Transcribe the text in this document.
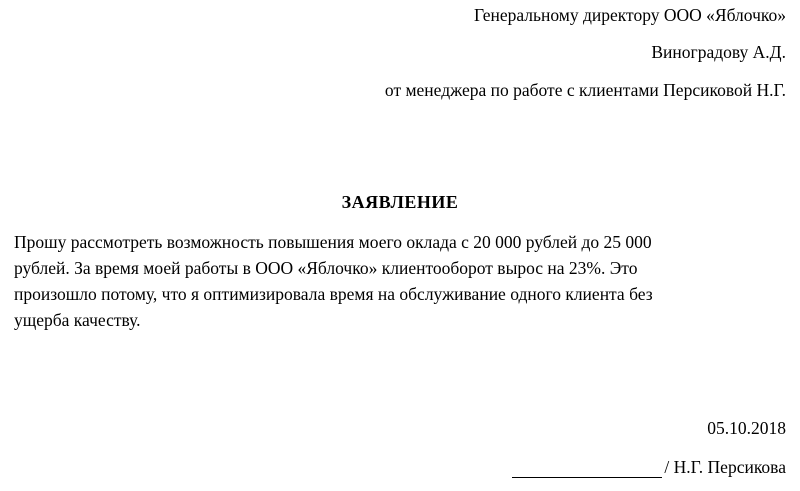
Генеральному директору ООО «Яблочко»
Виноградову А.Д.
от менеджера по работе с клиентами Персиковой Н.Г.
ЗАЯВЛЕНИЕ

Прошу рассмотреть возможность повышения моего оклада с 20 000 рублей до 25 000
рублей. За время моей работы в ООО «Яблочко» клиентооборот вырос на 23%. Это
произошло потому, что я оптимизировала время на обслуживание одного клиента без
ущерба качеству.

05.10.2018
/ Н.Г. Персикова
